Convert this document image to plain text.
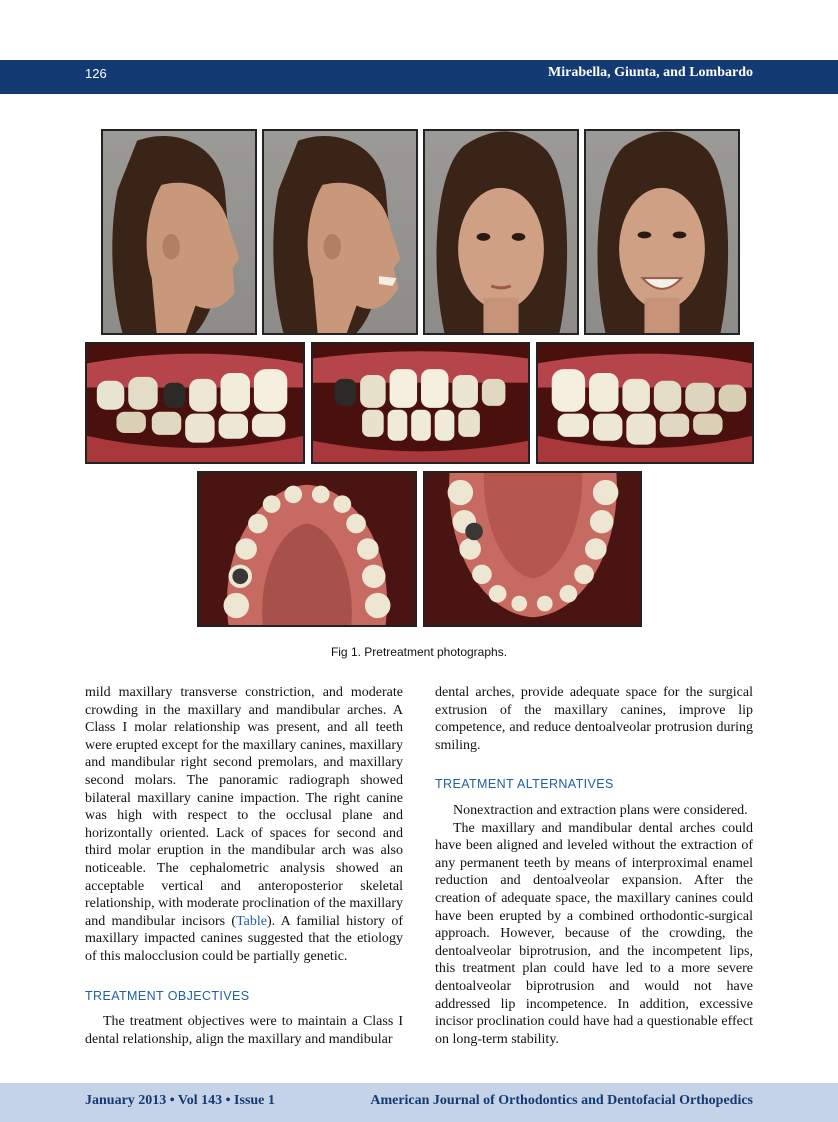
126	Mirabella, Giunta, and Lombardo
Fig 1. Pretreatment photographs.

mild maxillary transverse constriction, and moderate crowding in the maxillary and mandibular arches. A Class I molar relationship was present, and all teeth were erupted except for the maxillary canines, maxillary and mandibular right second premolars, and maxillary second molars. The panoramic radiograph showed bilateral maxillary canine impaction. The right canine was high with respect to the occlusal plane and horizontally oriented. Lack of spaces for second and third molar eruption in the mandibular arch was also noticeable. The cephalometric analysis showed an acceptable vertical and anteroposterior skeletal relationship, with moderate proclination of the maxillary and mandibular incisors (Table). A familial history of maxillary impacted canines suggested that the etiology of this malocclusion could be partially genetic.

TREATMENT OBJECTIVES

The treatment objectives were to maintain a Class I dental relationship, align the maxillary and mandibular

dental arches, provide adequate space for the surgical extrusion of the maxillary canines, improve lip competence, and reduce dentoalveolar protrusion during smiling.

TREATMENT ALTERNATIVES

Nonextraction and extraction plans were considered.

The maxillary and mandibular dental arches could have been aligned and leveled without the extraction of any permanent teeth by means of interproximal enamel reduction and dentoalveolar expansion. After the creation of adequate space, the maxillary canines could have been erupted by a combined orthodontic-surgical approach. However, because of the crowding, the dentoalveolar biprotrusion, and the incompetent lips, this treatment plan could have led to a more severe dentoalveolar biprotrusion and would not have addressed lip incompetence. In addition, excessive incisor proclination could have had a questionable effect on long-term stability.

January 2013 • Vol 143 • Issue 1	American Journal of Orthodontics and Dentofacial Orthopedics
